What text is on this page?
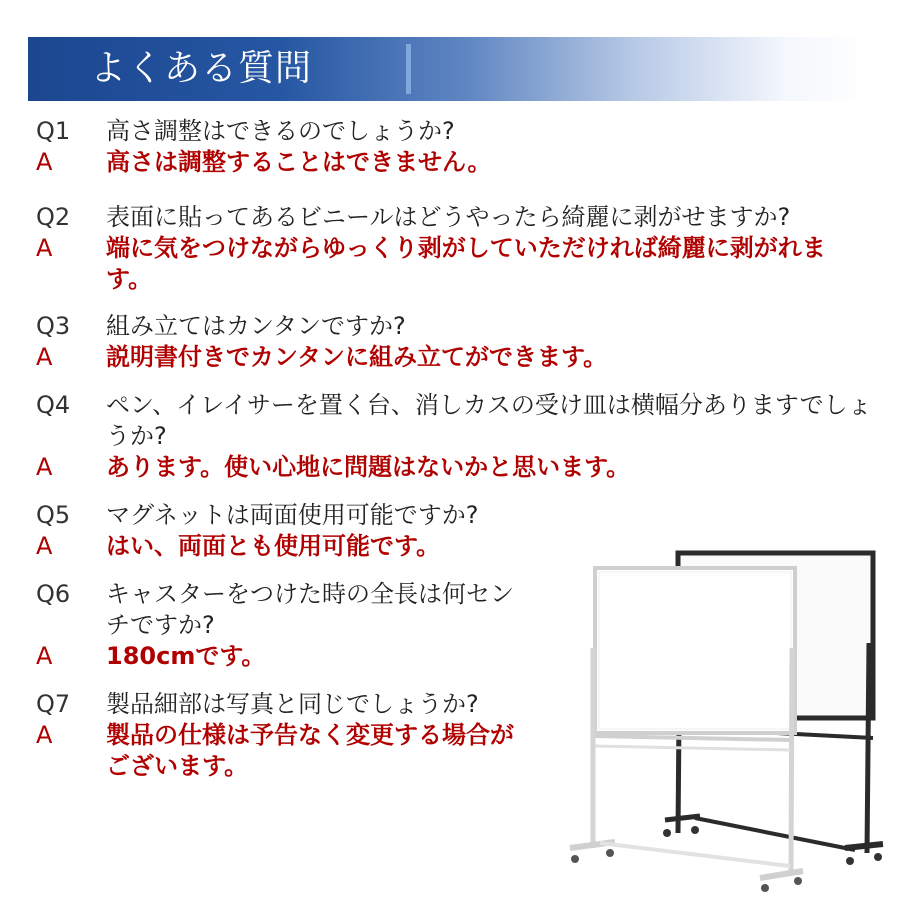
よくある質問
Q1	高さ調整はできるのでしょうか?
A	高さは調整することはできません。
Q2	表面に貼ってあるビニールはどうやったら綺麗に剥がせますか?
A	端に気をつけながらゆっくり剥がしていただければ綺麗に剥がれま
す。
Q3	組み立てはカンタンですか?
A	説明書付きでカンタンに組み立てができます。
Q4	ペン、イレイサーを置く台、消しカスの受け皿は横幅分ありますでしょ
うか?
A	あります。使い心地に問題はないかと思います。
Q5	マグネットは両面使用可能ですか?
A	はい、両面とも使用可能です。
Q6	キャスターをつけた時の全長は何セン
チですか?
A	180cmです。
Q7	製品細部は写真と同じでしょうか?
A	製品の仕様は予告なく変更する場合が
ございます。
